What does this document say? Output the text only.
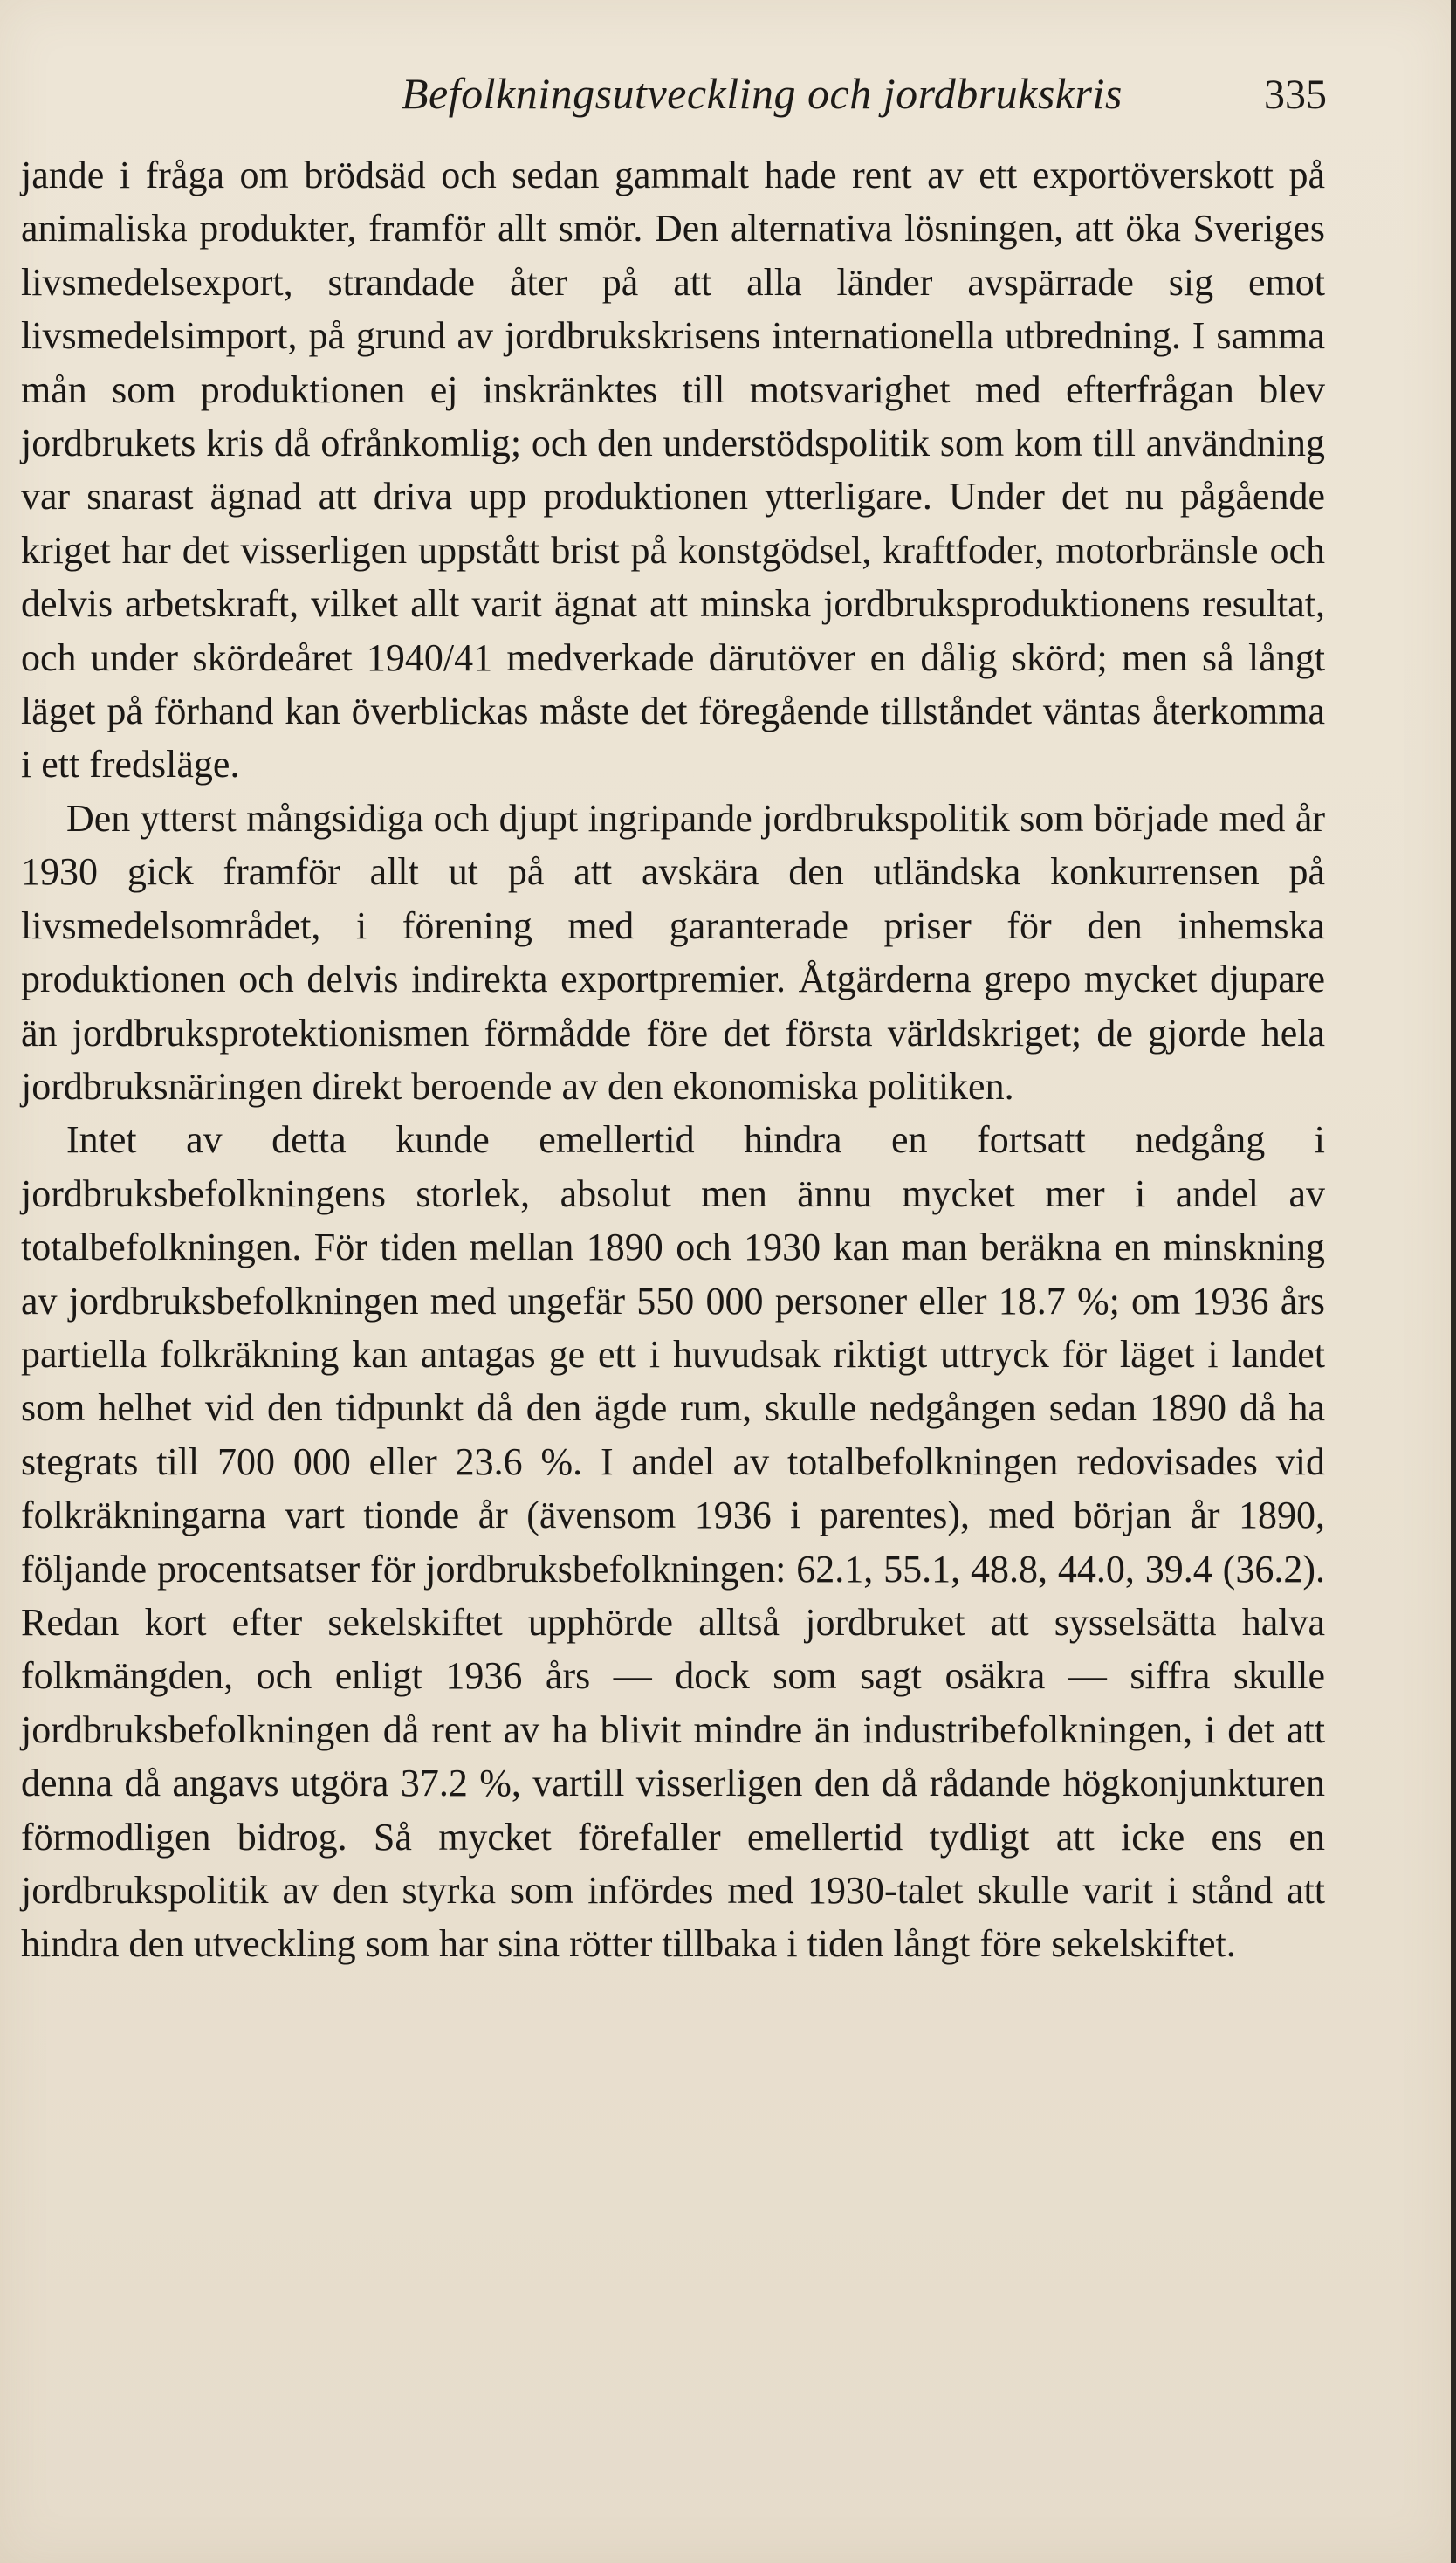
Befolkningsutveckling och jordbrukskris	335

jande i fråga om brödsäd och sedan gammalt hade rent av ett exportöverskott på animaliska produkter, framför allt smör. Den alternativa lösningen, att öka Sveriges livsmedelsexport, strandade åter på att alla länder avspärrade sig emot livsmedelsimport, på grund av jordbrukskrisens internationella utbredning. I samma mån som produktionen ej inskränktes till motsvarighet med efterfrågan blev jordbrukets kris då ofrånkomlig; och den understödspolitik som kom till användning var snarast ägnad att driva upp produktionen ytterligare. Under det nu pågående kriget har det visserligen uppstått brist på konstgödsel, kraftfoder, motorbränsle och delvis arbetskraft, vilket allt varit ägnat att minska jordbruksproduktionens resultat, och under skördeåret 1940/41 medverkade därutöver en dålig skörd; men så långt läget på förhand kan överblickas måste det föregående tillståndet väntas återkomma i ett fredsläge.

Den ytterst mångsidiga och djupt ingripande jordbrukspolitik som började med år 1930 gick framför allt ut på att avskära den utländska konkurrensen på livsmedelsområdet, i förening med garanterade priser för den inhemska produktionen och delvis indirekta exportpremier. Åtgärderna grepo mycket djupare än jordbruksprotektionismen förmådde före det första världskriget; de gjorde hela jordbruksnäringen direkt beroende av den ekonomiska politiken.

Intet av detta kunde emellertid hindra en fortsatt nedgång i jordbruksbefolkningens storlek, absolut men ännu mycket mer i andel av totalbefolkningen. För tiden mellan 1890 och 1930 kan man beräkna en minskning av jordbruksbefolkningen med ungefär 550 000 personer eller 18.7 %; om 1936 års partiella folkräkning kan antagas ge ett i huvudsak riktigt uttryck för läget i landet som helhet vid den tidpunkt då den ägde rum, skulle nedgången sedan 1890 då ha stegrats till 700 000 eller 23.6 %. I andel av totalbefolkningen redovisades vid folkräkningarna vart tionde år (ävensom 1936 i parentes), med början år 1890, följande procentsatser för jordbruksbefolkningen: 62.1, 55.1, 48.8, 44.0, 39.4 (36.2). Redan kort efter sekelskiftet upphörde alltså jordbruket att sysselsätta halva folkmängden, och enligt 1936 års — dock som sagt osäkra — siffra skulle jordbruksbefolkningen då rent av ha blivit mindre än industribefolkningen, i det att denna då angavs utgöra 37.2 %, vartill visserligen den då rådande högkonjunkturen förmodligen bidrog. Så mycket förefaller emellertid tydligt att icke ens en jordbrukspolitik av den styrka som infördes med 1930-talet skulle varit i stånd att hindra den utveckling som har sina rötter tillbaka i tiden långt före sekelskiftet.
